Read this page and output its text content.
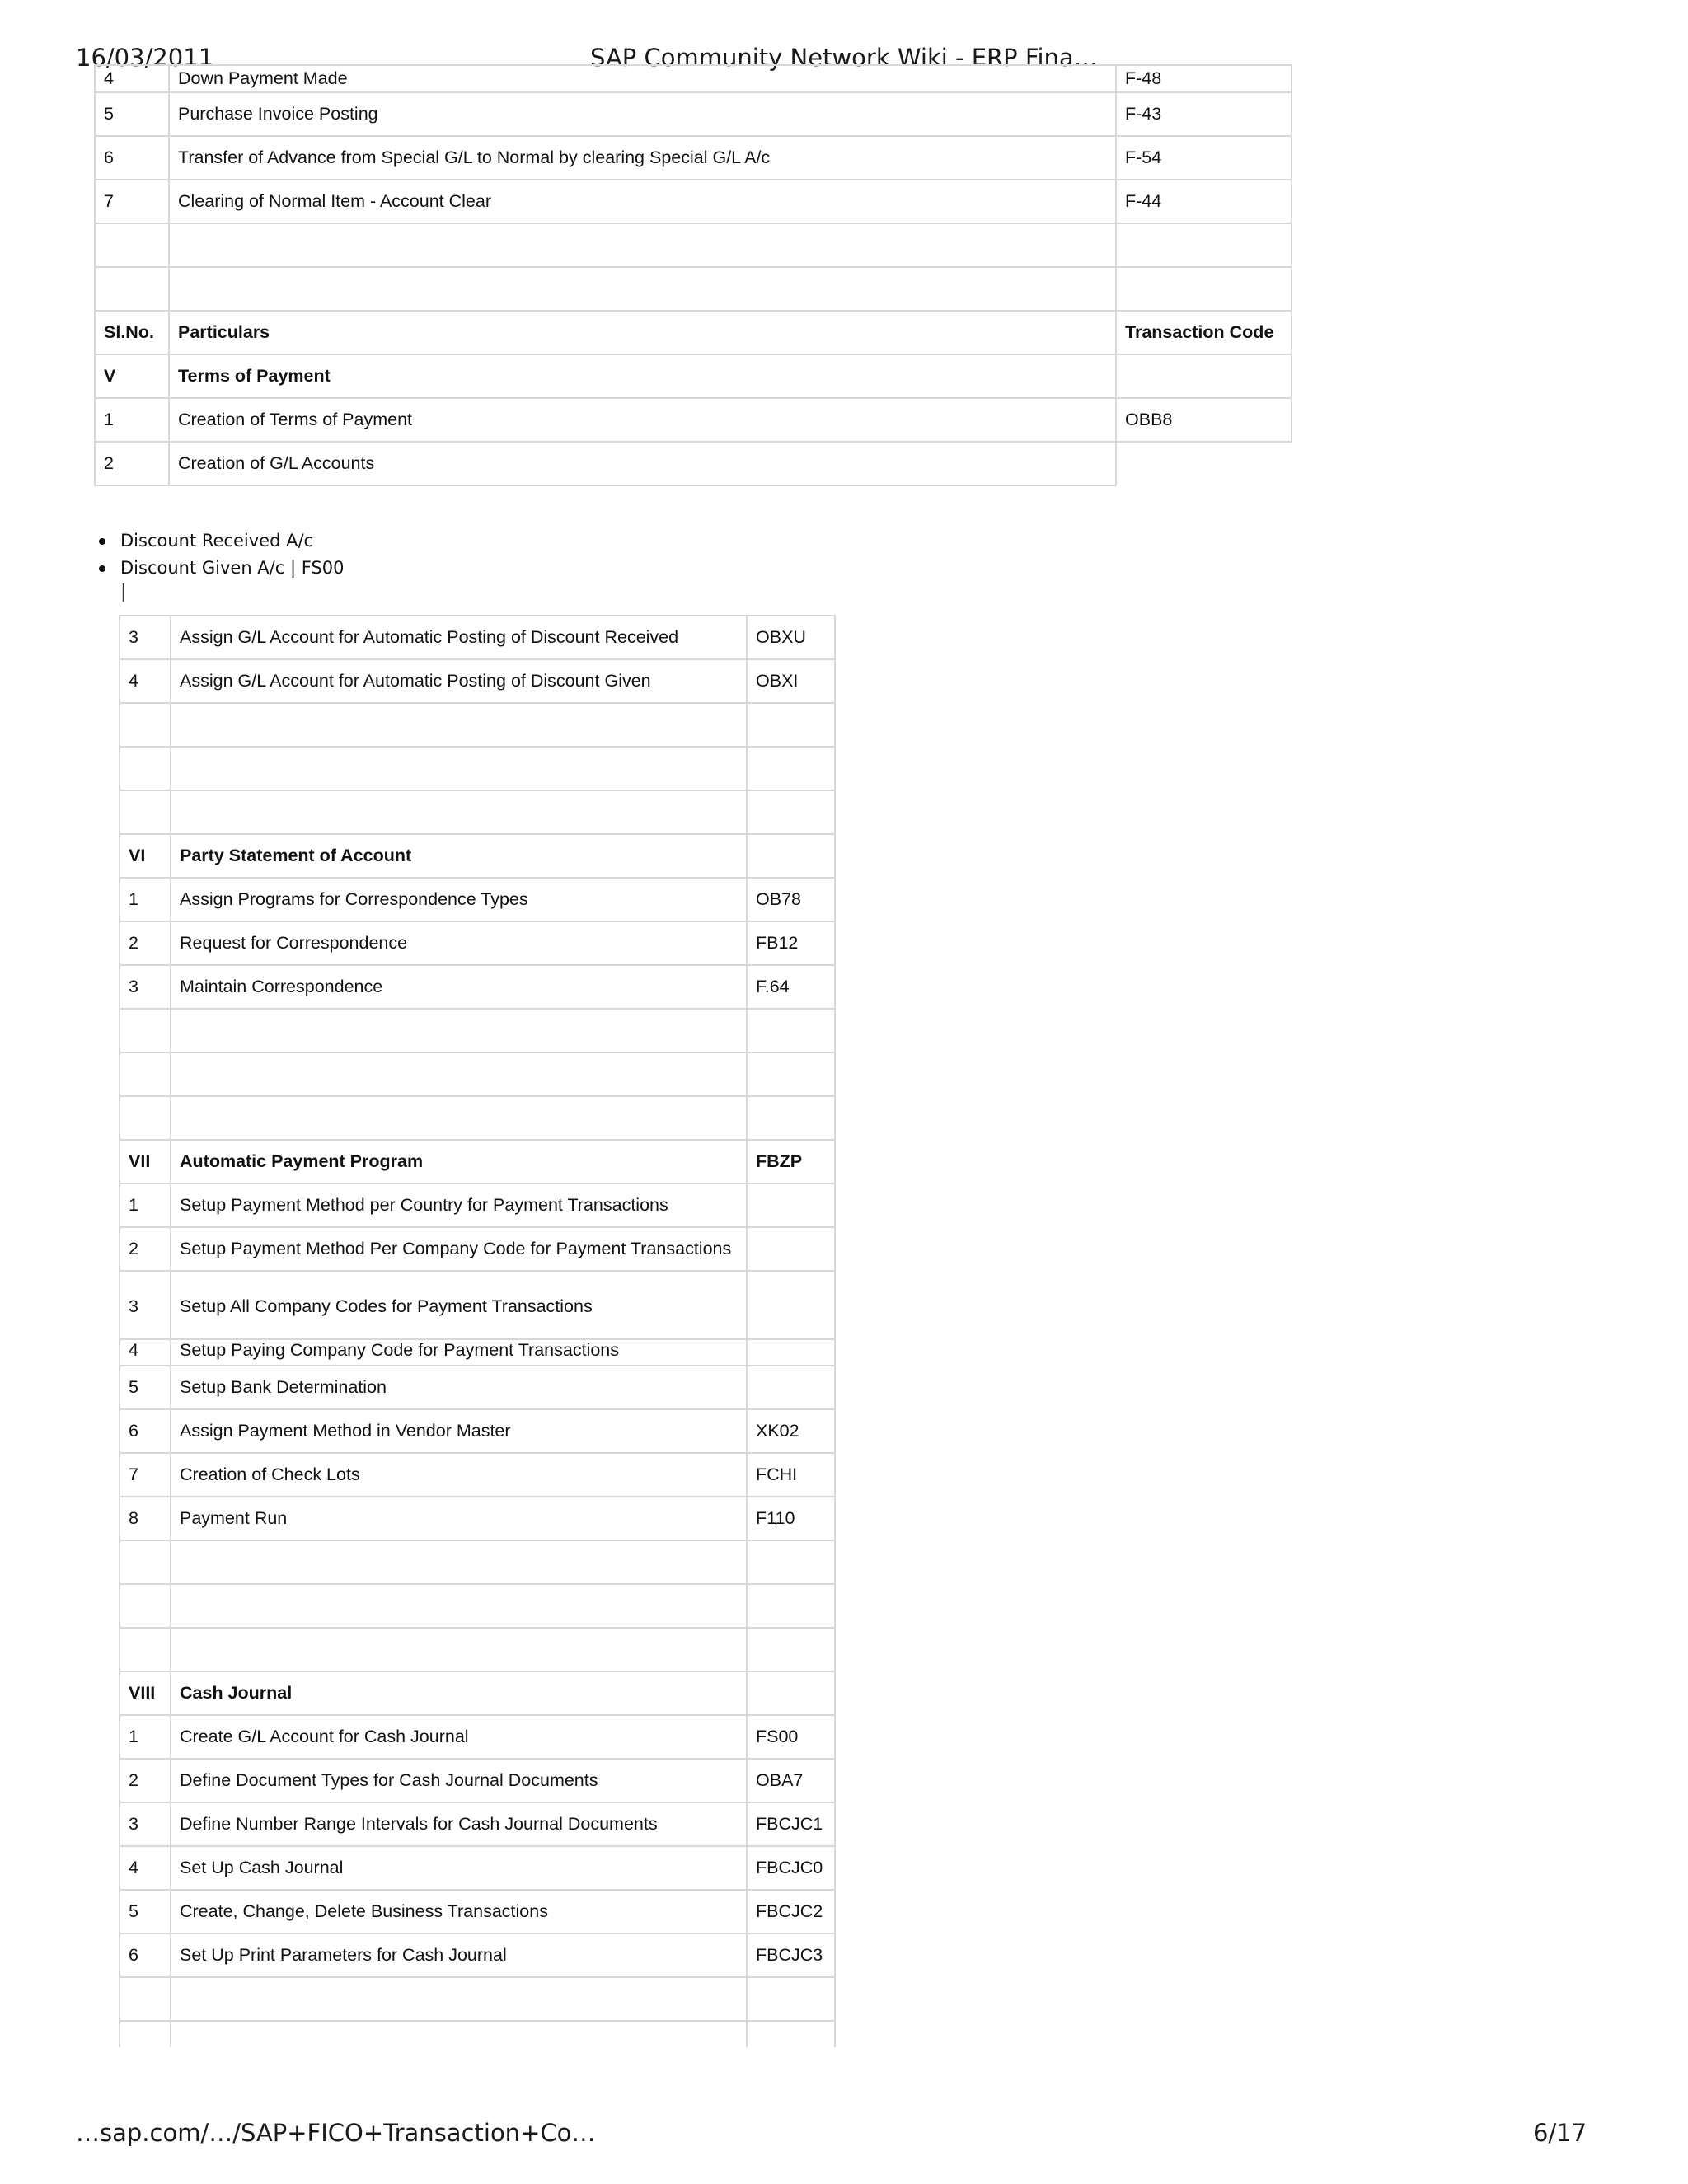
16/03/2011	SAP Community Network Wiki - ERP Fina…
4	Down Payment Made	F-48
5	Purchase Invoice Posting	F-43
6	Transfer of Advance from Special G/L to Normal by clearing Special G/L A/c	F-54
7	Clearing of Normal Item - Account Clear	F-44

Sl.No.	Particulars	Transaction Code
V	Terms of Payment	
1	Creation of Terms of Payment	OBB8
2	Creation of G/L Accounts	
Discount Received A/c
Discount Given A/c | FS00
|
3	Assign G/L Account for Automatic Posting of Discount Received	OBXU
4	Assign G/L Account for Automatic Posting of Discount Given	OBXI

VI	Party Statement of Account	
1	Assign Programs for Correspondence Types	OB78
2	Request for Correspondence	FB12
3	Maintain Correspondence	F.64

VII	Automatic Payment Program	FBZP
1	Setup Payment Method per Country for Payment Transactions	
2	Setup Payment Method Per Company Code for Payment Transactions	
3	Setup All Company Codes for Payment Transactions	
4	Setup Paying Company Code for Payment Transactions	
5	Setup Bank Determination	
6	Assign Payment Method in Vendor Master	XK02
7	Creation of Check Lots	FCHI
8	Payment Run	F110

VIII	Cash Journal	
1	Create G/L Account for Cash Journal	FS00
2	Define Document Types for Cash Journal Documents	OBA7
3	Define Number Range Intervals for Cash Journal Documents	FBCJC1
4	Set Up Cash Journal	FBCJC0
5	Create, Change, Delete Business Transactions	FBCJC2
6	Set Up Print Parameters for Cash Journal	FBCJC3

…sap.com/…/SAP+FICO+Transaction+Co…	6/17
